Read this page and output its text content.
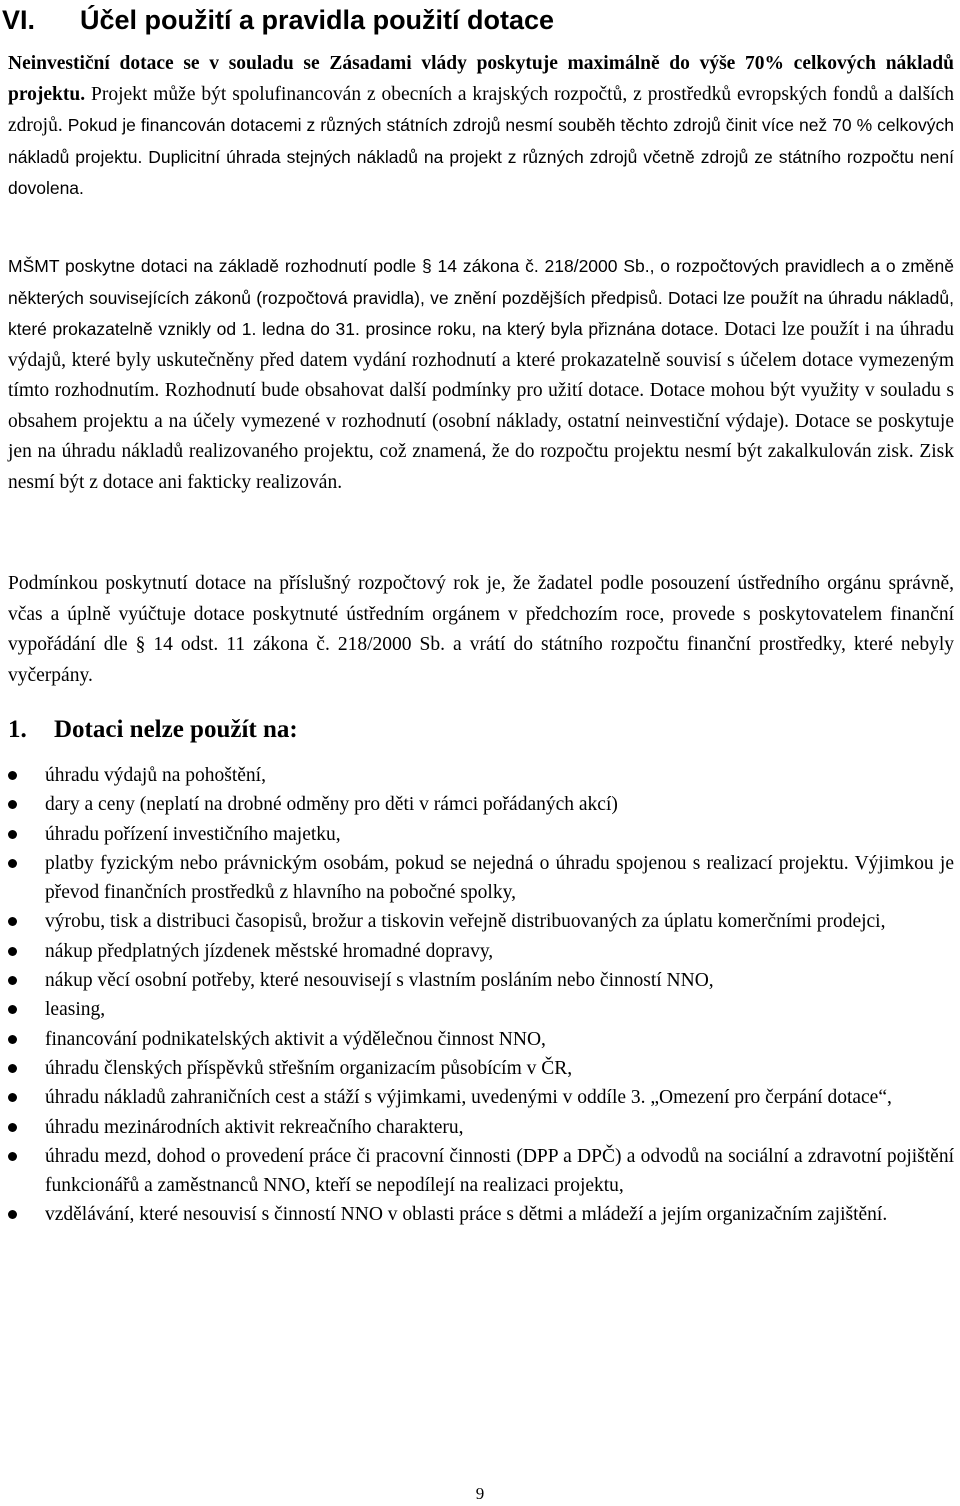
VI. Účel použití a pravidla použití dotace

Neinvestiční dotace se v souladu se Zásadami vlády poskytuje maximálně do výše 70% celkových nákladů projektu. Projekt může být spolufinancován z obecních a krajských rozpočtů, z prostředků evropských fondů a dalších zdrojů. Pokud je financován dotacemi z různých státních zdrojů nesmí souběh těchto zdrojů činit více než 70 % celkových nákladů projektu. Duplicitní úhrada stejných nákladů na projekt z různých zdrojů včetně zdrojů ze státního rozpočtu není dovolena.

MŠMT poskytne dotaci na základě rozhodnutí podle § 14 zákona č. 218/2000 Sb., o rozpočtových pravidlech a o změně některých souvisejících zákonů (rozpočtová pravidla), ve znění pozdějších předpisů. Dotaci lze použít na úhradu nákladů, které prokazatelně vznikly od 1. ledna do 31. prosince roku, na který byla přiznána dotace. Dotaci lze použít i na úhradu výdajů, které byly uskutečněny před datem vydání rozhodnutí a které prokazatelně souvisí s účelem dotace vymezeným tímto rozhodnutím. Rozhodnutí bude obsahovat další podmínky pro užití dotace. Dotace mohou být využity v souladu s obsahem projektu a na účely vymezené v rozhodnutí (osobní náklady, ostatní neinvestiční výdaje). Dotace se poskytuje jen na úhradu nákladů realizovaného projektu, což znamená, že do rozpočtu projektu nesmí být zakalkulován zisk. Zisk nesmí být z dotace ani fakticky realizován.

Podmínkou poskytnutí dotace na příslušný rozpočtový rok je, že žadatel podle posouzení ústředního orgánu správně, včas a úplně vyúčtuje dotace poskytnuté ústředním orgánem v předchozím roce, provede s poskytovatelem finanční vypořádání dle § 14 odst. 11 zákona č. 218/2000 Sb. a vrátí do státního rozpočtu finanční prostředky, které nebyly vyčerpány.

1. Dotaci nelze použít na:
úhradu výdajů na pohoštění,
dary a ceny (neplatí na drobné odměny pro děti v rámci pořádaných akcí)
úhradu pořízení investičního majetku,
platby fyzickým nebo právnickým osobám, pokud se nejedná o úhradu spojenou s realizací projektu. Výjimkou je převod finančních prostředků z hlavního na pobočné spolky,
výrobu, tisk a distribuci časopisů, brožur a tiskovin veřejně distribuovaných za úplatu komerčními prodejci,
nákup předplatných jízdenek městské hromadné dopravy,
nákup věcí osobní potřeby, které nesouvisejí s vlastním posláním nebo činností NNO,
leasing,
financování podnikatelských aktivit a výdělečnou činnost NNO,
úhradu členských příspěvků střešním organizacím působícím v ČR,
úhradu nákladů zahraničních cest a stáží s výjimkami, uvedenými v oddíle 3. „Omezení pro čerpání dotace“,
úhradu mezinárodních aktivit rekreačního charakteru,
úhradu mezd, dohod o provedení práce či pracovní činnosti (DPP a DPČ) a odvodů na sociální a zdravotní pojištění funkcionářů a zaměstnanců NNO, kteří se nepodílejí na realizaci projektu,
vzdělávání, které nesouvisí s činností NNO v oblasti práce s dětmi a mládeží a jejím organizačním zajištění.
9
